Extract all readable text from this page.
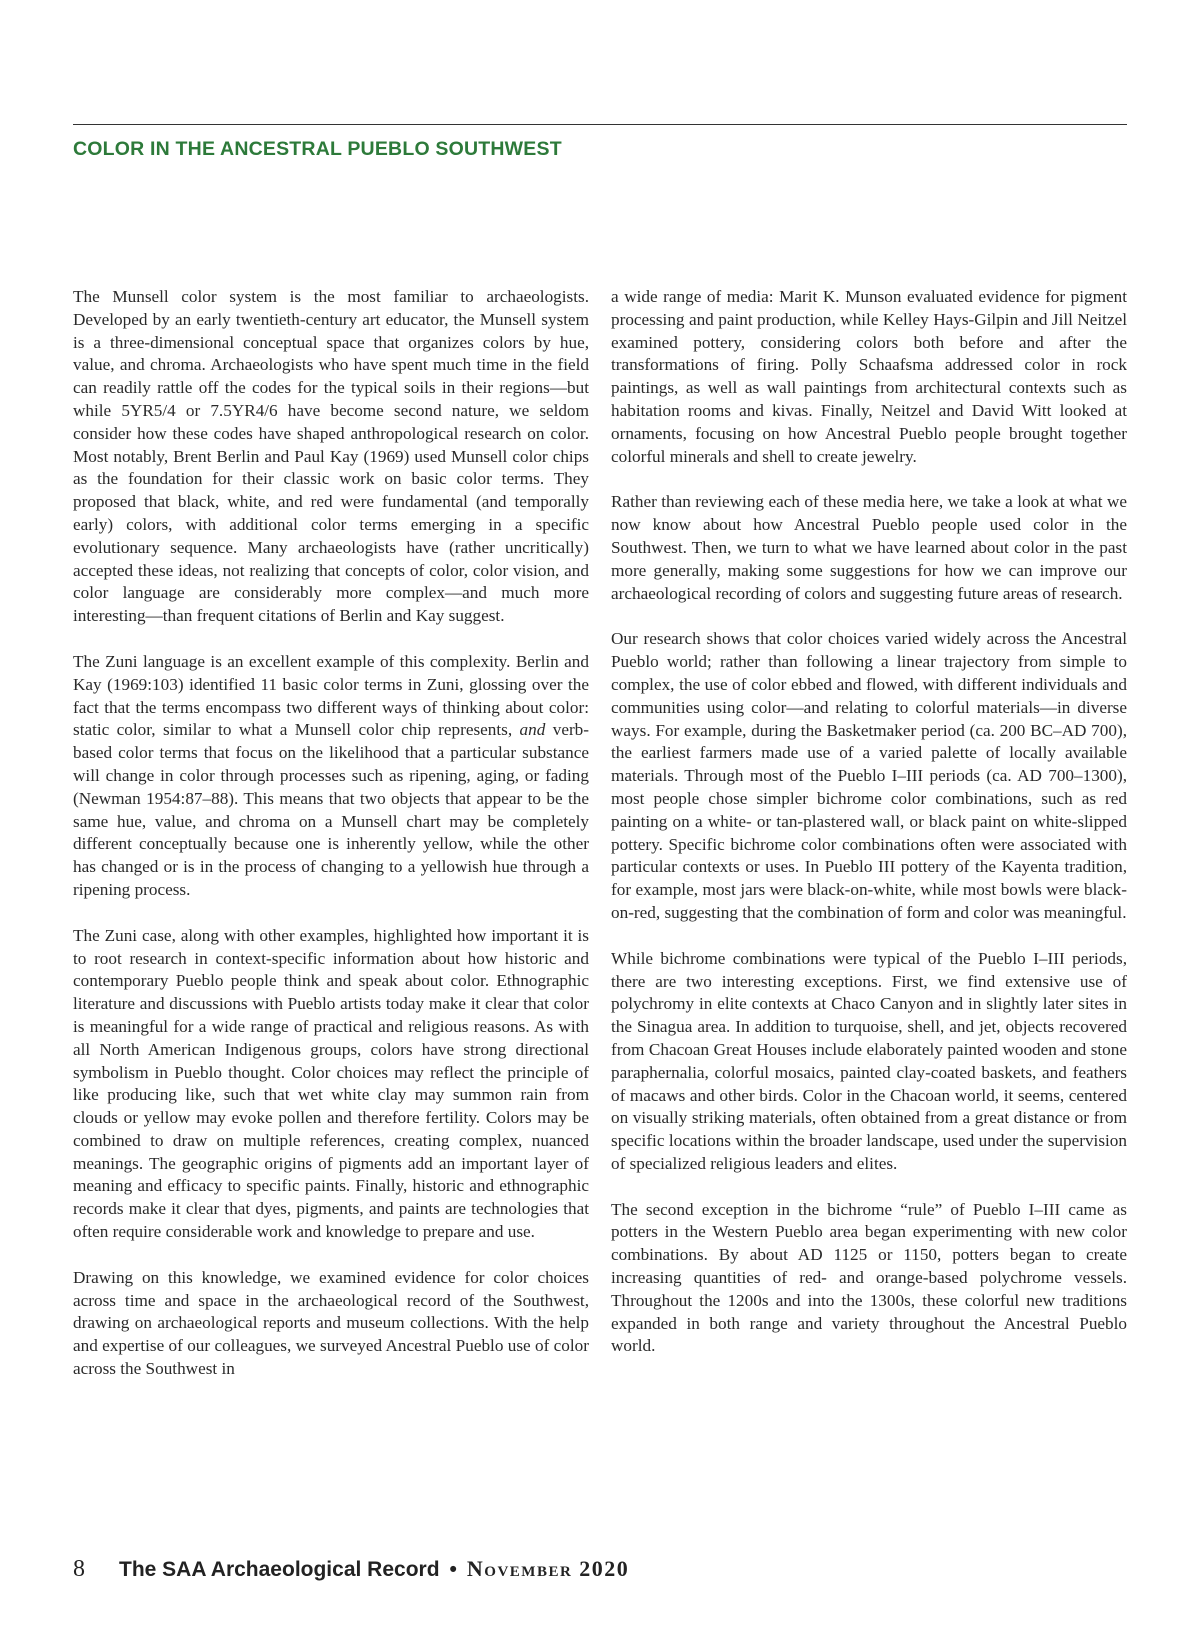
COLOR IN THE ANCESTRAL PUEBLO SOUTHWEST

The Munsell color system is the most familiar to archaeologists. Developed by an early twentieth-century art educator, the Munsell system is a three-dimensional conceptual space that organizes colors by hue, value, and chroma. Archaeologists who have spent much time in the field can readily rattle off the codes for the typical soils in their regions—but while 5YR5/4 or 7.5YR4/6 have become second nature, we seldom consider how these codes have shaped anthropological research on color. Most notably, Brent Berlin and Paul Kay (1969) used Munsell color chips as the foundation for their classic work on basic color terms. They proposed that black, white, and red were fundamental (and temporally early) colors, with additional color terms emerging in a specific evolutionary sequence. Many archaeologists have (rather uncritically) accepted these ideas, not realizing that concepts of color, color vision, and color language are considerably more complex—and much more interesting—than frequent citations of Berlin and Kay suggest.

The Zuni language is an excellent example of this complexity. Berlin and Kay (1969:103) identified 11 basic color terms in Zuni, glossing over the fact that the terms encompass two different ways of thinking about color: static color, similar to what a Munsell color chip represents, and verb-based color terms that focus on the likelihood that a particular substance will change in color through processes such as ripening, aging, or fading (Newman 1954:87–88). This means that two objects that appear to be the same hue, value, and chroma on a Munsell chart may be completely different conceptually because one is inherently yellow, while the other has changed or is in the process of changing to a yellowish hue through a ripening process.

The Zuni case, along with other examples, highlighted how important it is to root research in context-specific information about how historic and contemporary Pueblo people think and speak about color. Ethnographic literature and discussions with Pueblo artists today make it clear that color is meaningful for a wide range of practical and religious reasons. As with all North American Indigenous groups, colors have strong directional symbolism in Pueblo thought. Color choices may reflect the principle of like producing like, such that wet white clay may summon rain from clouds or yellow may evoke pollen and therefore fertility. Colors may be combined to draw on multiple references, creating complex, nuanced meanings. The geographic origins of pigments add an important layer of meaning and efficacy to specific paints. Finally, historic and ethnographic records make it clear that dyes, pigments, and paints are technologies that often require considerable work and knowledge to prepare and use.

Drawing on this knowledge, we examined evidence for color choices across time and space in the archaeological record of the Southwest, drawing on archaeological reports and museum collections. With the help and expertise of our colleagues, we surveyed Ancestral Pueblo use of color across the Southwest in

a wide range of media: Marit K. Munson evaluated evidence for pigment processing and paint production, while Kelley Hays-Gilpin and Jill Neitzel examined pottery, considering colors both before and after the transformations of firing. Polly Schaafsma addressed color in rock paintings, as well as wall paintings from architectural contexts such as habitation rooms and kivas. Finally, Neitzel and David Witt looked at ornaments, focusing on how Ancestral Pueblo people brought together colorful minerals and shell to create jewelry.

Rather than reviewing each of these media here, we take a look at what we now know about how Ancestral Pueblo people used color in the Southwest. Then, we turn to what we have learned about color in the past more generally, making some suggestions for how we can improve our archaeological recording of colors and suggesting future areas of research.

Our research shows that color choices varied widely across the Ancestral Pueblo world; rather than following a linear trajectory from simple to complex, the use of color ebbed and flowed, with different individuals and communities using color—and relating to colorful materials—in diverse ways. For example, during the Basketmaker period (ca. 200 BC–AD 700), the earliest farmers made use of a varied palette of locally available materials. Through most of the Pueblo I–III periods (ca. AD 700–1300), most people chose simpler bichrome color combinations, such as red painting on a white- or tan-plastered wall, or black paint on white-slipped pottery. Specific bichrome color combinations often were associated with particular contexts or uses. In Pueblo III pottery of the Kayenta tradition, for example, most jars were black-on-white, while most bowls were black-on-red, suggesting that the combination of form and color was meaningful.

While bichrome combinations were typical of the Pueblo I–III periods, there are two interesting exceptions. First, we find extensive use of polychromy in elite contexts at Chaco Canyon and in slightly later sites in the Sinagua area. In addition to turquoise, shell, and jet, objects recovered from Chacoan Great Houses include elaborately painted wooden and stone paraphernalia, colorful mosaics, painted clay-coated baskets, and feathers of macaws and other birds. Color in the Chacoan world, it seems, centered on visually striking materials, often obtained from a great distance or from specific locations within the broader landscape, used under the supervision of specialized religious leaders and elites.

The second exception in the bichrome “rule” of Pueblo I–III came as potters in the Western Pueblo area began experimenting with new color combinations. By about AD 1125 or 1150, potters began to create increasing quantities of red- and orange-based polychrome vessels. Throughout the 1200s and into the 1300s, these colorful new traditions expanded in both range and variety throughout the Ancestral Pueblo world.

8 The SAA Archaeological Record • November 2020
